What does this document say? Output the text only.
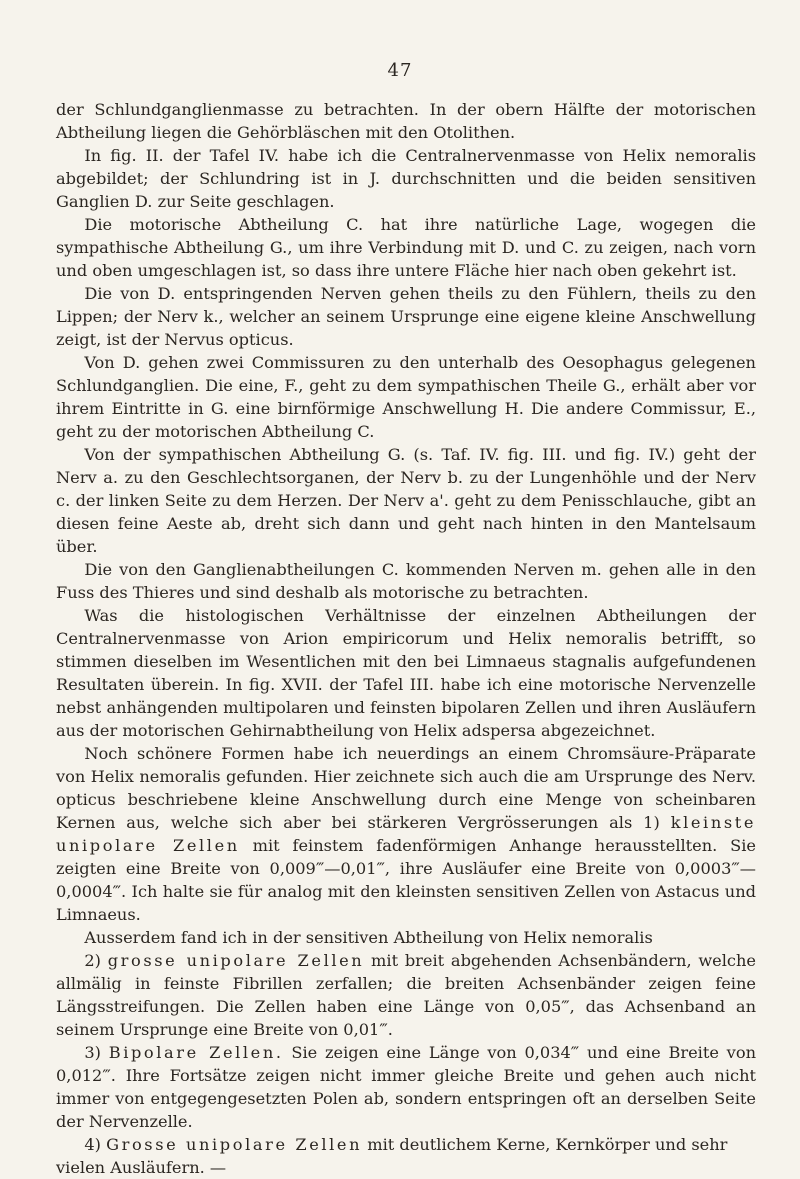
47

der Schlundganglienmasse zu betrachten. In der obern Hälfte der motorischen Abtheilung liegen die Gehörbläschen mit den Otolithen.

In fig. II. der Tafel IV. habe ich die Centralnervenmasse von Helix nemoralis abgebildet; der Schlundring ist in J. durchschnitten und die beiden sensitiven Ganglien D. zur Seite geschlagen.

Die motorische Abtheilung C. hat ihre natürliche Lage, wogegen die sympathische Abtheilung G., um ihre Verbindung mit D. und C. zu zeigen, nach vorn und oben umgeschlagen ist, so dass ihre untere Fläche hier nach oben gekehrt ist.

Die von D. entspringenden Nerven gehen theils zu den Fühlern, theils zu den Lippen; der Nerv k., welcher an seinem Ursprunge eine eigene kleine Anschwellung zeigt, ist der Nervus opticus.

Von D. gehen zwei Commissuren zu den unterhalb des Oesophagus gelegenen Schlundganglien. Die eine, F., geht zu dem sympathischen Theile G., erhält aber vor ihrem Eintritte in G. eine birnförmige Anschwellung H. Die andere Commissur, E., geht zu der motorischen Abtheilung C.

Von der sympathischen Abtheilung G. (s. Taf. IV. fig. III. und fig. IV.) geht der Nerv a. zu den Geschlechtsorganen, der Nerv b. zu der Lungenhöhle und der Nerv c. der linken Seite zu dem Herzen. Der Nerv a'. geht zu dem Penisschlauche, gibt an diesen feine Aeste ab, dreht sich dann und geht nach hinten in den Mantelsaum über.

Die von den Ganglienabtheilungen C. kommenden Nerven m. gehen alle in den Fuss des Thieres und sind deshalb als motorische zu betrachten.

Was die histologischen Verhältnisse der einzelnen Abtheilungen der Centralnervenmasse von Arion empiricorum und Helix nemoralis betrifft, so stimmen dieselben im Wesentlichen mit den bei Limnaeus stagnalis aufgefundenen Resultaten überein. In fig. XVII. der Tafel III. habe ich eine motorische Nervenzelle nebst anhängenden multipolaren und feinsten bipolaren Zellen und ihren Ausläufern aus der motorischen Gehirnabtheilung von Helix adspersa abgezeichnet.

Noch schönere Formen habe ich neuerdings an einem Chromsäure-Präparate von Helix nemoralis gefunden. Hier zeichnete sich auch die am Ursprunge des Nerv. opticus beschriebene kleine Anschwellung durch eine Menge von scheinbaren Kernen aus, welche sich aber bei stärkeren Vergrösserungen als 1) kleinste unipolare Zellen mit feinstem fadenförmigen Anhange herausstellten. Sie zeigten eine Breite von 0,009‴—0,01‴, ihre Ausläufer eine Breite von 0,0003‴—0,0004‴. Ich halte sie für analog mit den kleinsten sensitiven Zellen von Astacus und Limnaeus.

Ausserdem fand ich in der sensitiven Abtheilung von Helix nemoralis

2) grosse unipolare Zellen mit breit abgehenden Achsenbändern, welche allmälig in feinste Fibrillen zerfallen; die breiten Achsenbänder zeigen feine Längsstreifungen. Die Zellen haben eine Länge von 0,05‴, das Achsenband an seinem Ursprunge eine Breite von 0,01‴.

3) Bipolare Zellen. Sie zeigen eine Länge von 0,034‴ und eine Breite von 0,012‴. Ihre Fortsätze zeigen nicht immer gleiche Breite und gehen auch nicht immer von entgegengesetzten Polen ab, sondern entspringen oft an derselben Seite der Nervenzelle.

4) Grosse unipolare Zellen mit deutlichem Kerne, Kernkörper und sehr vielen Ausläufern. —
